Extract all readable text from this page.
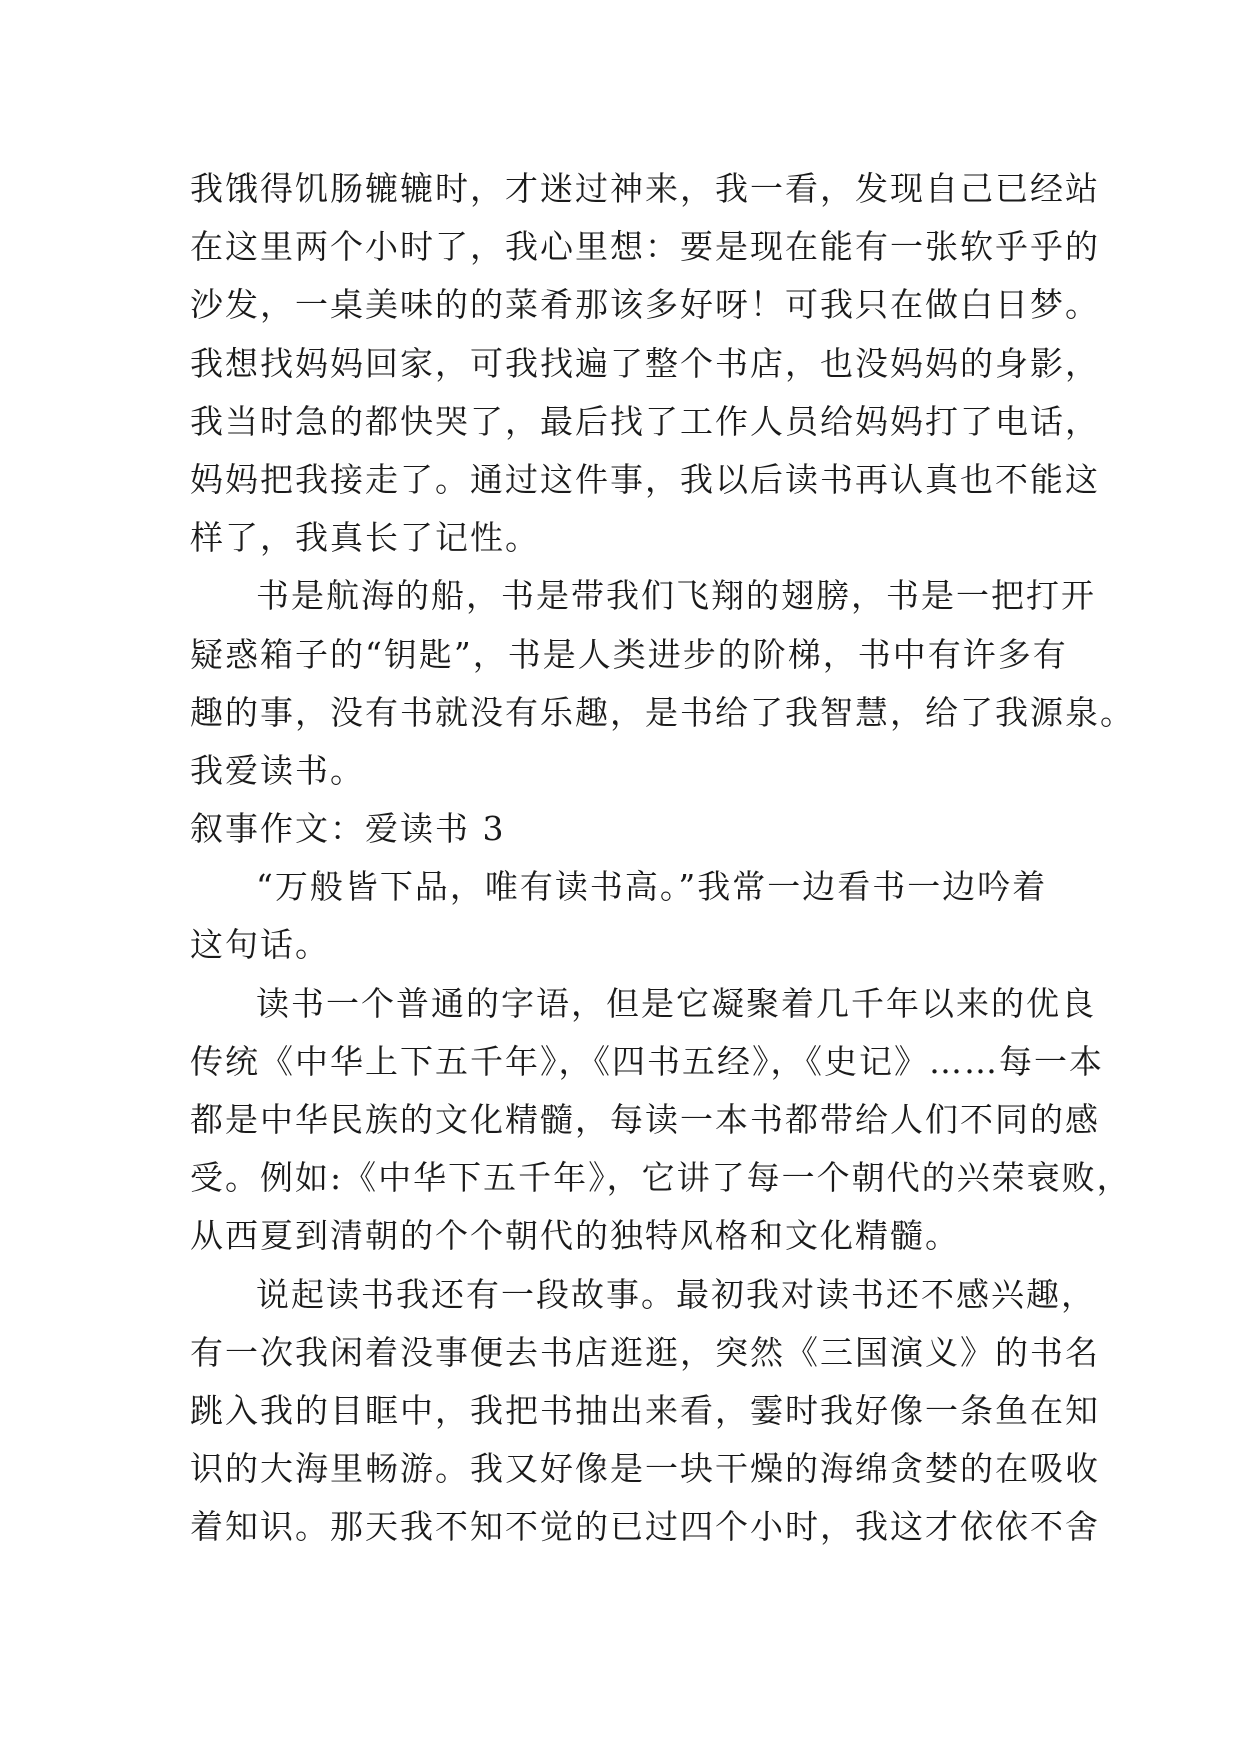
我饿得饥肠辘辘时，才迷过神来，我一看，发现自己已经站
在这里两个小时了，我心里想：要是现在能有一张软乎乎的
沙发，一桌美味的的菜肴那该多好呀！可我只在做白日梦。
我想找妈妈回家，可我找遍了整个书店，也没妈妈的身影，
我当时急的都快哭了，最后找了工作人员给妈妈打了电话，
妈妈把我接走了。通过这件事，我以后读书再认真也不能这
样了，我真长了记性。
书是航海的船，书是带我们飞翔的翅膀，书是一把打开
疑惑箱子的“钥匙”，书是人类进步的阶梯，书中有许多有
趣的事，没有书就没有乐趣，是书给了我智慧，给了我源泉。
我爱读书。
叙事作文：爱读书 3
“万般皆下品，唯有读书高。”我常一边看书一边吟着
这句话。
读书一个普通的字语，但是它凝聚着几千年以来的优良
传统《中华上下五千年》，《四书五经》，《史记》……每一本
都是中华民族的文化精髓，每读一本书都带给人们不同的感
受。例如:《中华下五千年》，它讲了每一个朝代的兴荣衰败，
从西夏到清朝的个个朝代的独特风格和文化精髓。
说起读书我还有一段故事。最初我对读书还不感兴趣，
有一次我闲着没事便去书店逛逛，突然《三国演义》的书名
跳入我的目眶中，我把书抽出来看，霎时我好像一条鱼在知
识的大海里畅游。我又好像是一块干燥的海绵贪婪的在吸收
着知识。那天我不知不觉的已过四个小时，我这才依依不舍
